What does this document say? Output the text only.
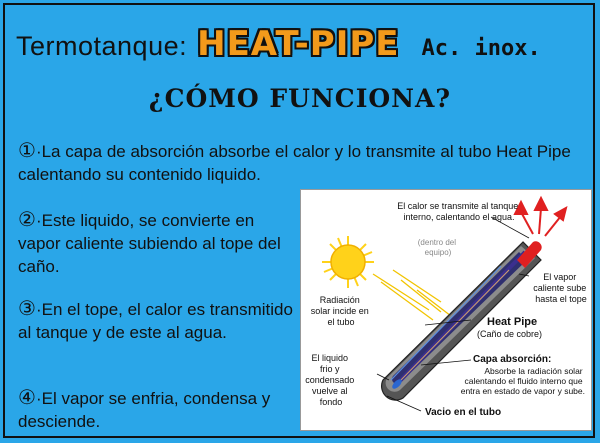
Termotanque: HEAT-PIPE Ac. inox.
¿CÓMO FUNCIONA?
①·La capa de absorción absorbe el calor y lo transmite al tubo Heat Pipe calentando su contenido liquido.
②·Este liquido, se convierte en vapor caliente subiendo al tope del caño.
③·En el tope, el calor es transmitido al tanque y de este al agua.
④·El vapor se enfria, condensa y desciende.
El calor se transmite al tanque interno, calentando el agua.
(dentro del equipo)
El vapor caliente sube hasta el tope
Radiación solar incide en el tubo	Heat Pipe
(Caño de cobre)
El liquido frio y condensado vuelve al fondo
Capa absorción:
Absorbe la radiación solar calentando el fluido interno que entra en estado de vapor y sube.
Vacio en el tubo
